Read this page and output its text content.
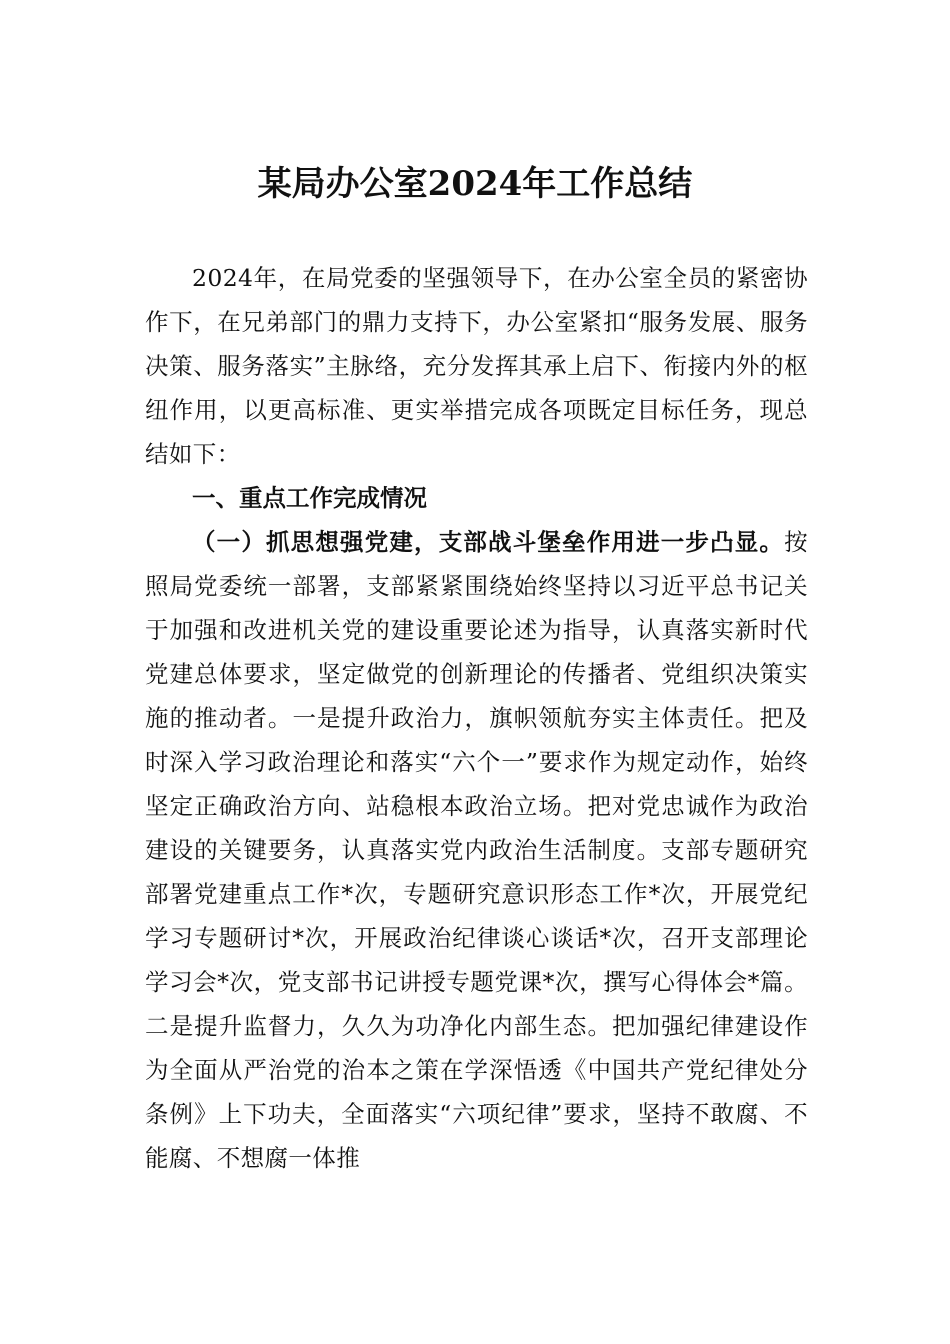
某局办公室2024年工作总结

2024年，在局党委的坚强领导下，在办公室全员的紧密协作下，在兄弟部门的鼎力支持下，办公室紧扣“服务发展、服务决策、服务落实”主脉络，充分发挥其承上启下、衔接内外的枢纽作用，以更高标准、更实举措完成各项既定目标任务，现总结如下：

一、重点工作完成情况

（一）抓思想强党建，支部战斗堡垒作用进一步凸显。按照局党委统一部署，支部紧紧围绕始终坚持以习近平总书记关于加强和改进机关党的建设重要论述为指导，认真落实新时代党建总体要求，坚定做党的创新理论的传播者、党组织决策实施的推动者。一是提升政治力，旗帜领航夯实主体责任。把及时深入学习政治理论和落实“六个一”要求作为规定动作，始终坚定正确政治方向、站稳根本政治立场。把对党忠诚作为政治建设的关键要务，认真落实党内政治生活制度。支部专题研究部署党建重点工作*次，专题研究意识形态工作*次，开展党纪学习专题研讨*次，开展政治纪律谈心谈话*次，召开支部理论学习会*次，党支部书记讲授专题党课*次，撰写心得体会*篇。二是提升监督力，久久为功净化内部生态。把加强纪律建设作为全面从严治党的治本之策在学深悟透《中国共产党纪律处分条例》上下功夫，全面落实“六项纪律”要求，坚持不敢腐、不能腐、不想腐一体推
